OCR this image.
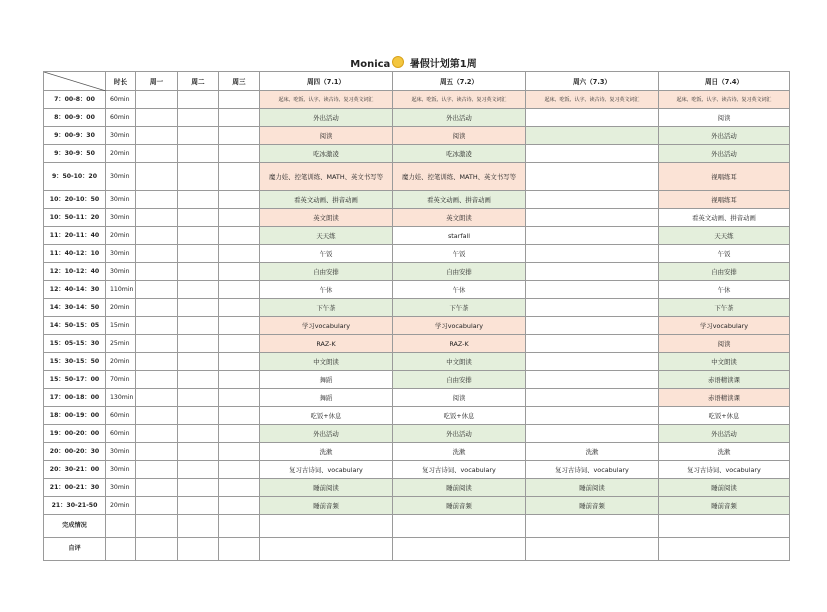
Monica 暑假计划第1周
	时长	周一	周二	周三	周四（7.1）	周五（7.2）	周六（7.3）	周日（7.4）
7：00-8：00	60min				起床、吃饭、认字、读古诗、复习英文词汇	起床、吃饭、认字、读古诗、复习英文词汇	起床、吃饭、认字、读古诗、复习英文词汇	起床、吃饭、认字、读古诗、复习英文词汇
8：00-9：00	60min				外出活动	外出活动		阅读
9：00-9：30	30min				阅读	阅读		外出活动
9：30-9：50	20min				吃冰激凌	吃冰激凌		外出活动
9：50-10：20	30min				魔力娃、控笔训练、MATH、英文书写等	魔力娃、控笔训练、MATH、英文书写等		视唱练耳
10：20-10：50	30min				看英文动画、拼音动画	看英文动画、拼音动画		视唱练耳
10：50-11：20	30min				英文朗读	英文朗读		看英文动画、拼音动画
11：20-11：40	20min				天天练	starfall		天天练
11：40-12：10	30min				午饭	午饭		午饭
12：10-12：40	30min				自由安排	自由安排		自由安排
12：40-14：30	110min				午休	午休		午休
14：30-14：50	20min				下午茶	下午茶		下午茶
14：50-15：05	15min				学习vocabulary	学习vocabulary		学习vocabulary
15：05-15：30	25min				RAZ-K	RAZ-K		阅读
15：30-15：50	20min				中文朗读	中文朗读		中文朗读
15：50-17：00	70min				舞蹈	自由安排		赤语精读课
17：00-18：00	130min				舞蹈	阅读		赤语精读课
18：00-19：00	60min				吃饭+休息	吃饭+休息		吃饭+休息
19：00-20：00	60min				外出活动	外出活动		外出活动
20：00-20：30	30min				洗漱	洗漱	洗漱	洗漱
20：30-21：00	30min				复习古诗词、vocabulary	复习古诗词、vocabulary	复习古诗词、vocabulary	复习古诗词、vocabulary
21：00-21：30	30min				睡前阅读	睡前阅读	睡前阅读	睡前阅读
21：30-21-50	20min				睡前音频	睡前音频	睡前音频	睡前音频
完成情况								
自评								
